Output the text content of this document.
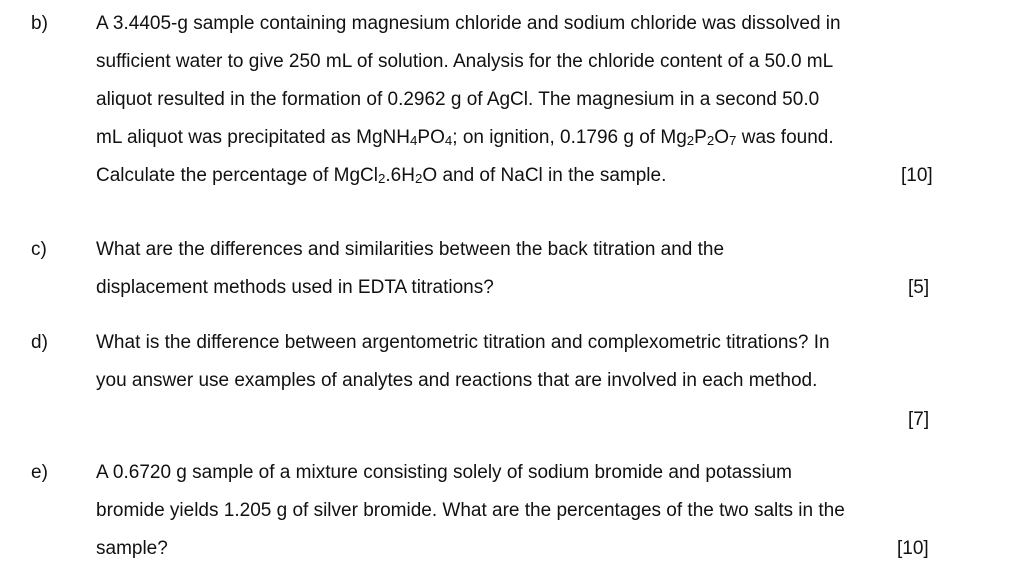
b)	A 3.4405-g sample containing magnesium chloride and sodium chloride was dissolved in
sufficient water to give 250 mL of solution. Analysis for the chloride content of a 50.0 mL
aliquot resulted in the formation of 0.2962 g of AgCl. The magnesium in a second 50.0
mL aliquot was precipitated as $MgNH_4PO_4$; on ignition, 0.1796 g of $Mg_2P_2O_7$ was found.
Calculate the percentage of $MgCl_2.6H_2O$ and of NaCl in the sample.	[10]
c)	What are the differences and similarities between the back titration and the
displacement methods used in EDTA titrations?	[5]
d)	What is the difference between argentometric titration and complexometric titrations? In
you answer use examples of analytes and reactions that are involved in each method.
[7]
e)	A 0.6720 g sample of a mixture consisting solely of sodium bromide and potassium
bromide yields 1.205 g of silver bromide. What are the percentages of the two salts in the
sample?	[10]
